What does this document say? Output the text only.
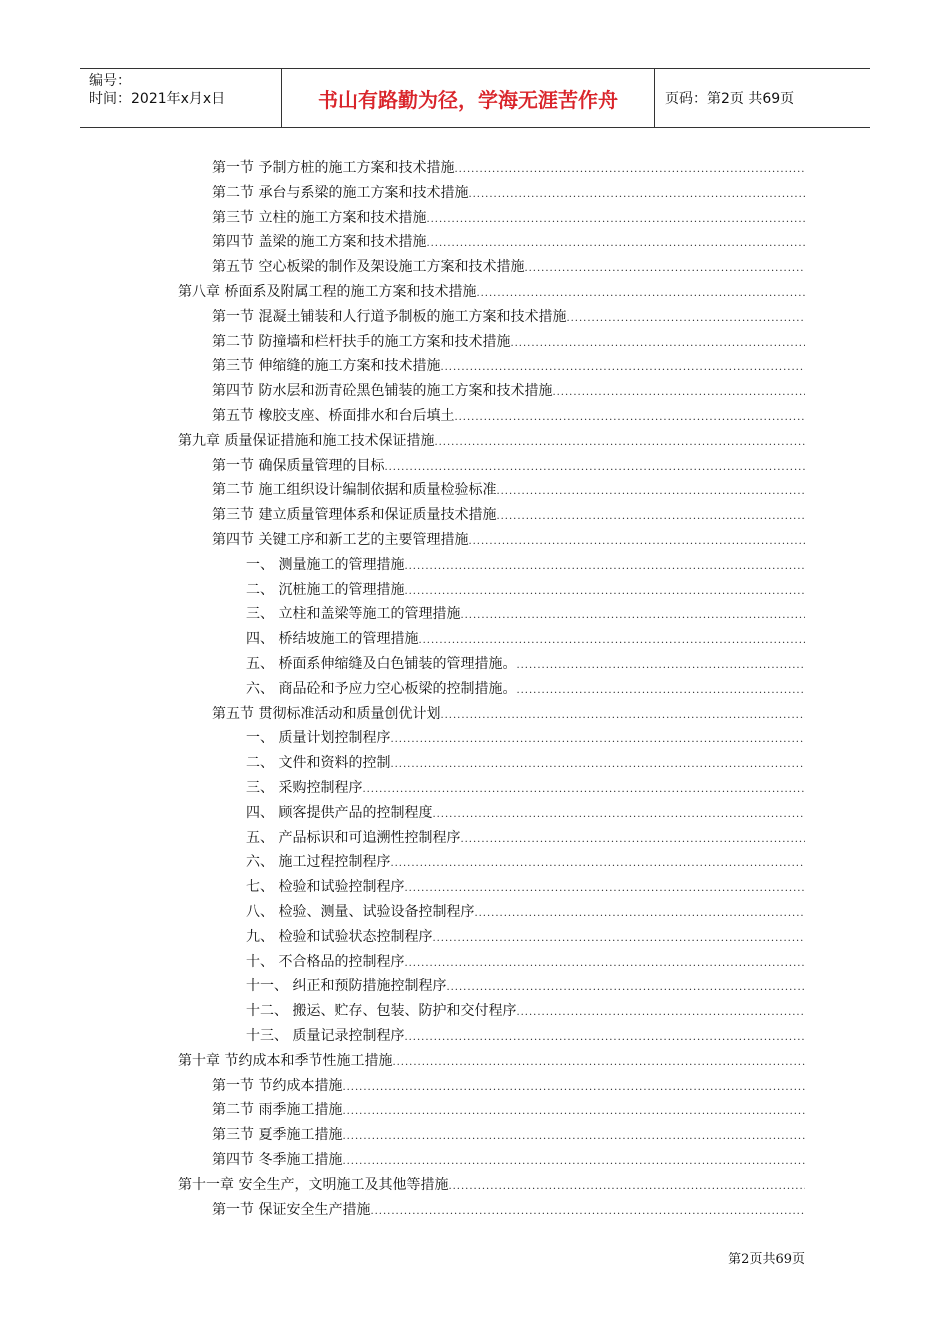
编号：
时间：2021年x月x日	书山有路勤为径，学海无涯苦作舟	页码：第2页 共69页
第一节 予制方桩的施工方案和技术措施
.....
第二节 承台与系梁的施工方案和技术措施
.....
第三节 立柱的施工方案和技术措施
.....
第四节 盖梁的施工方案和技术措施
.....
第五节 空心板梁的制作及架设施工方案和技术措施
.....
第八章 桥面系及附属工程的施工方案和技术措施
.....
第一节 混凝土铺装和人行道予制板的施工方案和技术措施
.....
第二节 防撞墙和栏杆扶手的施工方案和技术措施
.....
第三节 伸缩缝的施工方案和技术措施
.....
第四节 防水层和沥青砼黑色铺装的施工方案和技术措施
.....
第五节 橡胶支座、桥面排水和台后填土
.....
第九章 质量保证措施和施工技术保证措施
.....
第一节 确保质量管理的目标
.....
第二节 施工组织设计编制依据和质量检验标准
.....
第三节 建立质量管理体系和保证质量技术措施
.....
第四节 关键工序和新工艺的主要管理措施
.....
一、 测量施工的管理措施
.....
二、 沉桩施工的管理措施
.....
三、 立柱和盖梁等施工的管理措施
.....
四、 桥结坡施工的管理措施
.....
五、 桥面系伸缩缝及白色铺装的管理措施。
.....
六、 商品砼和予应力空心板梁的控制措施。
.....
第五节 贯彻标准活动和质量创优计划
.....
一、 质量计划控制程序
.....
二、 文件和资料的控制
.....
三、 采购控制程序
.....
四、 顾客提供产品的控制程度
.....
五、 产品标识和可追溯性控制程序
.....
六、 施工过程控制程序
.....
七、 检验和试验控制程序
.....
八、 检验、测量、试验设备控制程序
.....
九、 检验和试验状态控制程序
.....
十、 不合格品的控制程序
.....
十一、 纠正和预防措施控制程序
.....
十二、 搬运、贮存、包装、防护和交付程序
.....
十三、 质量记录控制程序
.....
第十章 节约成本和季节性施工措施
.....
第一节 节约成本措施
.....
第二节 雨季施工措施
.....
第三节 夏季施工措施
.....
第四节 冬季施工措施
.....
第十一章 安全生产，文明施工及其他等措施
.....
第一节 保证安全生产措施
.....
第2页共69页
